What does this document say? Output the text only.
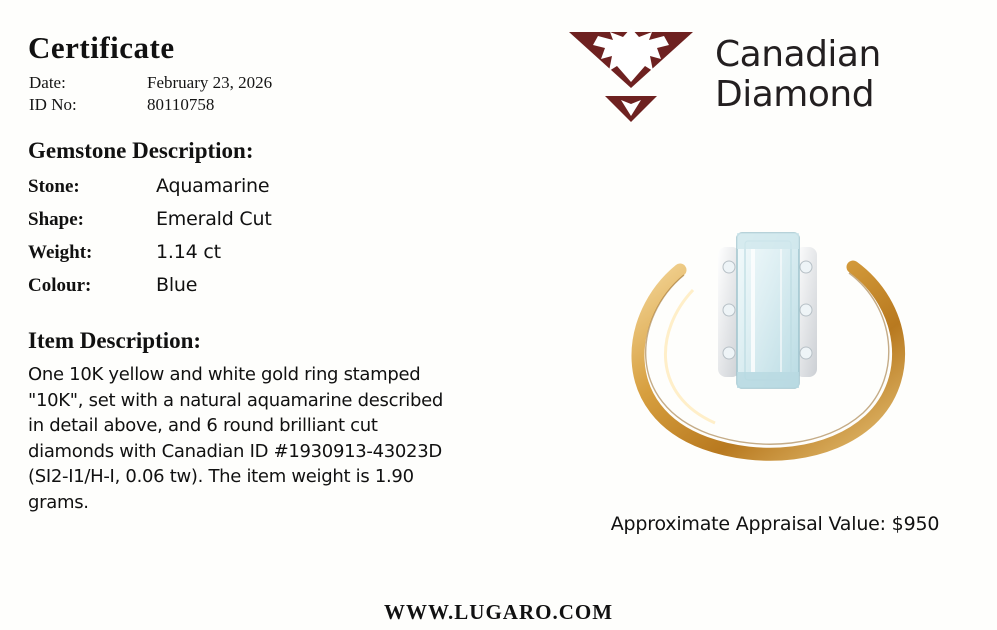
Certificate
Date:	February 23, 2026
ID No:	80110758
Gemstone Description:
Stone:	Aquamarine
Shape:	Emerald Cut
Weight:	1.14 ct
Colour:	Blue
Item Description:
One 10K yellow and white gold ring stamped "10K", set with a natural aquamarine described in detail above, and 6 round brilliant cut diamonds with Canadian ID #1930913-43023D (SI2-I1/H-I, 0.06 tw). The item weight is 1.90 grams.
Canadian
Diamond
Approximate Appraisal Value: $950
WWW.LUGARO.COM
